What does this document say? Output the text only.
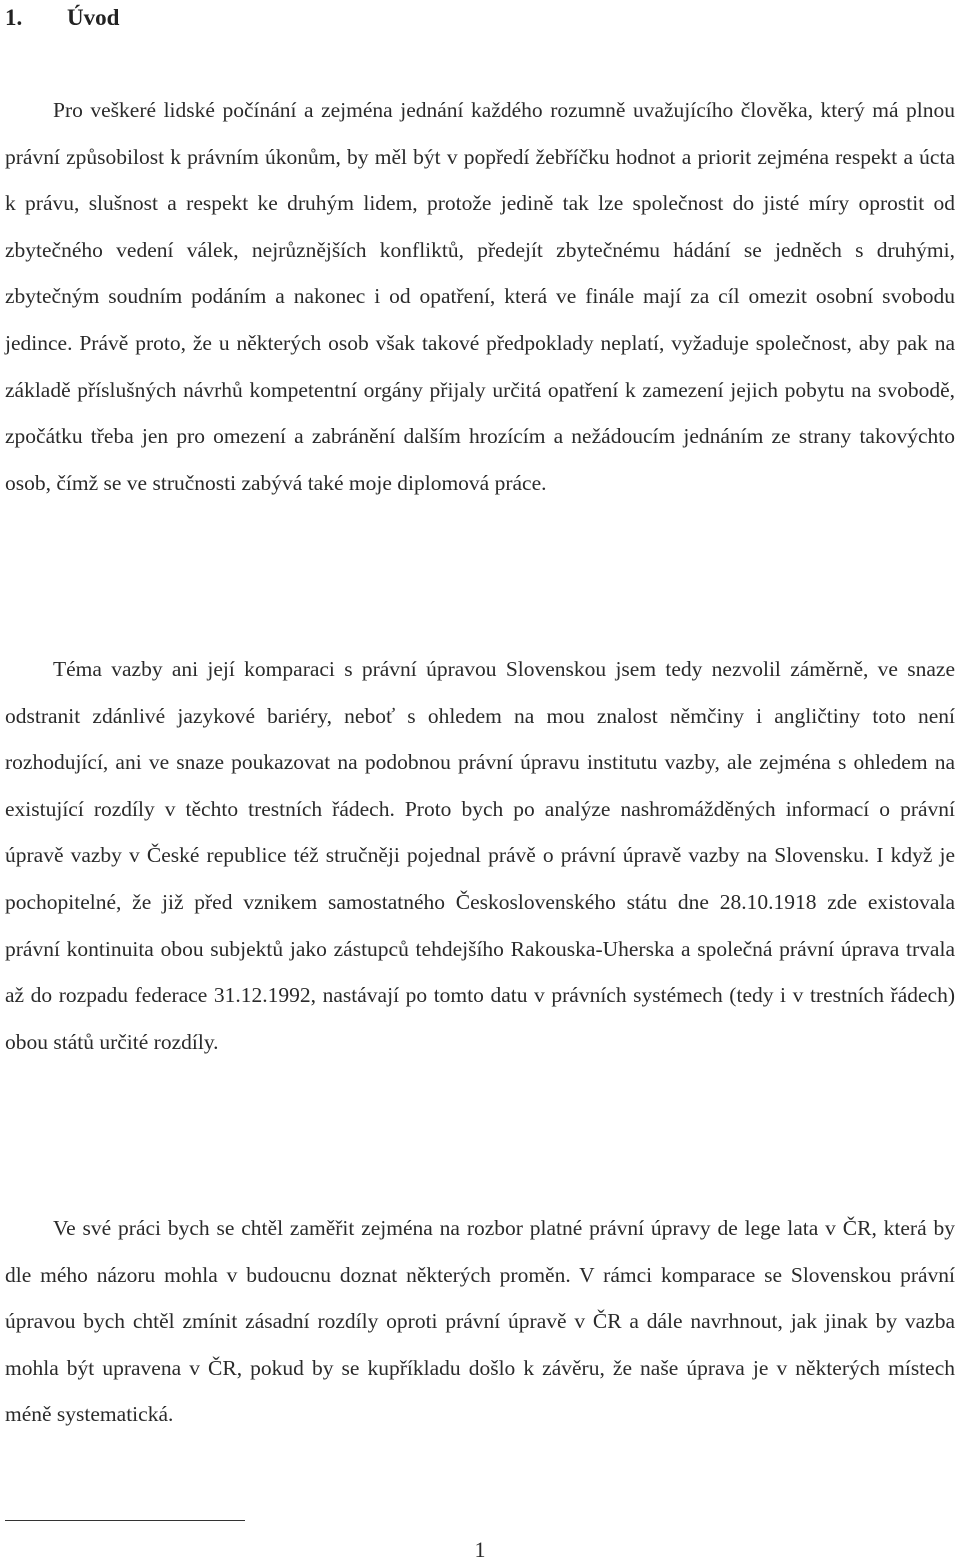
1. Úvod

Pro veškeré lidské počínání a zejména jednání každého rozumně uvažujícího člověka, který má plnou právní způsobilost k právním úkonům, by měl být v popředí žebříčku hodnot a priorit zejména respekt a úcta k právu, slušnost a respekt ke druhým lidem, protože jedině tak lze společnost do jisté míry oprostit od zbytečného vedení válek, nejrůznějších konfliktů, předejít zbytečnému hádání se jedněch s druhými, zbytečným soudním podáním a nakonec i od opatření, která ve finále mají za cíl omezit osobní svobodu jedince. Právě proto, že u některých osob však takové předpoklady neplatí, vyžaduje společnost, aby pak na základě příslušných návrhů kompetentní orgány přijaly určitá opatření k zamezení jejich pobytu na svobodě, zpočátku třeba jen pro omezení a zabránění dalším hrozícím a nežádoucím jednáním ze strany takovýchto osob, čímž se ve stručnosti zabývá také moje diplomová práce.

Téma vazby ani její komparaci s právní úpravou Slovenskou jsem tedy nezvolil záměrně, ve snaze odstranit zdánlivé jazykové bariéry, neboť s ohledem na mou znalost němčiny i angličtiny toto není rozhodující, ani ve snaze poukazovat na podobnou právní úpravu institutu vazby, ale zejména s ohledem na existující rozdíly v těchto trestních řádech. Proto bych po analýze nashromážděných informací o právní úpravě vazby v České republice též stručněji pojednal právě o právní úpravě vazby na Slovensku. I když je pochopitelné, že již před vznikem samostatného Československého státu dne 28.10.1918 zde existovala právní kontinuita obou subjektů jako zástupců tehdejšího Rakouska-Uherska a společná právní úprava trvala až do rozpadu federace 31.12.1992, nastávají po tomto datu v právních systémech (tedy i v trestních řádech) obou států určité rozdíly.

Ve své práci bych se chtěl zaměřit zejména na rozbor platné právní úpravy de lege lata v ČR, která by dle mého názoru mohla v budoucnu doznat některých proměn. V rámci komparace se Slovenskou právní úpravou bych chtěl zmínit zásadní rozdíly oproti právní úpravě v ČR a dále navrhnout, jak jinak by vazba mohla být upravena v ČR, pokud by se kupříkladu došlo k závěru, že naše úprava je v některých místech méně systematická.

1
